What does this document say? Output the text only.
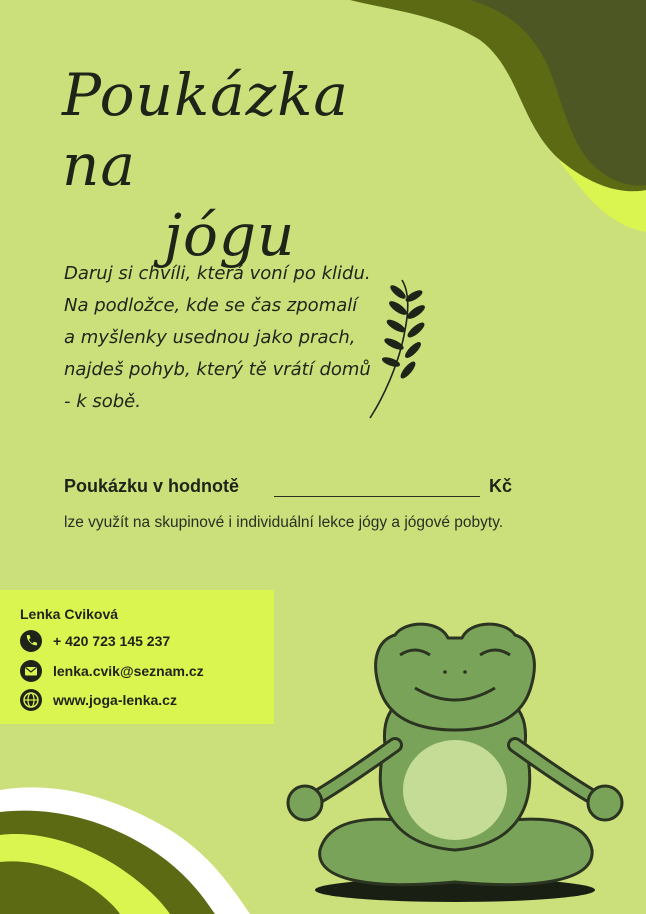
Poukázka na
jógu
Daruj si chvíli, která voní po klidu.
Na podložce, kde se čas zpomalí
a myšlenky usednou jako prach,
najdeš pohyb, který tě vrátí domů
- k sobě.
Poukázku v hodnotě	Kč
lze využít na skupinové i individuální lekce jógy a jógové pobyty.
Lenka Cviková
+ 420 723 145 237
lenka.cvik@seznam.cz
www.joga-lenka.cz
